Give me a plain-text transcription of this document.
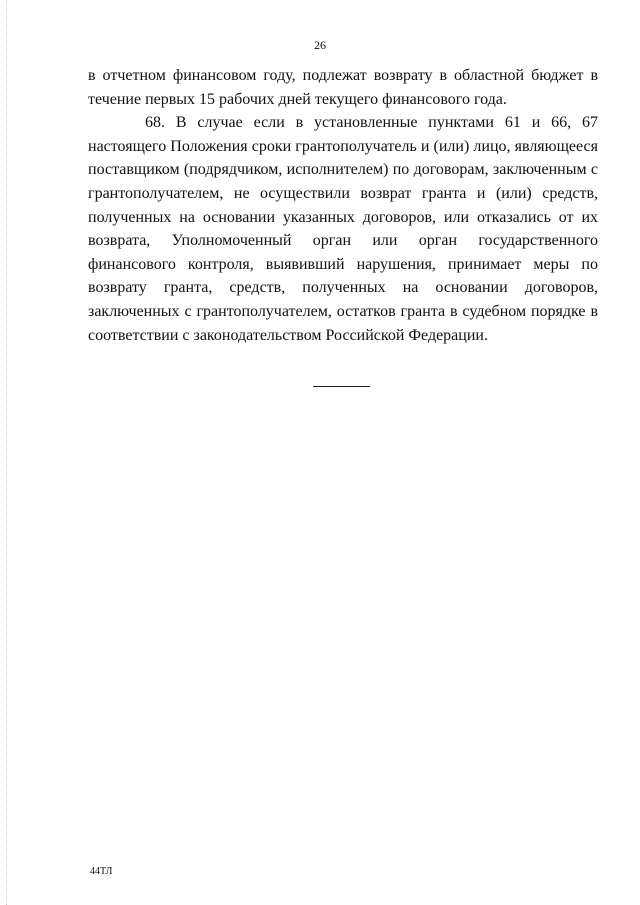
26

в отчетном финансовом году, подлежат возврату в областной бюджет в течение первых 15 рабочих дней текущего финансового года.

68. В случае если в установленные пунктами 61 и 66, 67 настоящего Положения сроки грантополучатель и (или) лицо, являющееся поставщиком (подрядчиком, исполнителем) по договорам, заключенным с грантополучателем, не осуществили возврат гранта и (или) средств, полученных на основании указанных договоров, или отказались от их возврата, Уполномоченный орган или орган государственного финансового контроля, выявивший нарушения, принимает меры по возврату гранта, средств, полученных на основании договоров, заключенных с грантополучателем, остатков гранта в судебном порядке в соответствии с законодательством Российской Федерации.

44ТЛ
